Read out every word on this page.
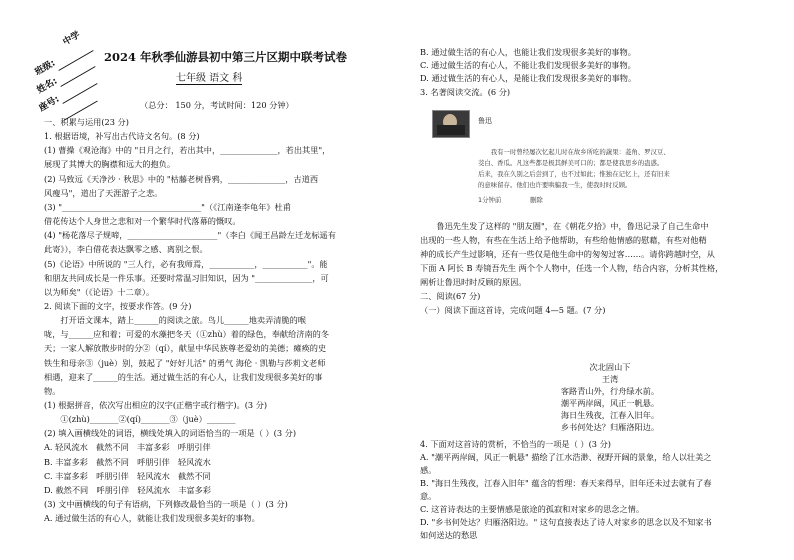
中学
班级:
姓名:
座号:
2024 年秋季仙游县初中第三片区期中联考试卷
七年级 语文 科
（总分： 150 分，考试时间：120 分钟）
一、积累与运用(23 分)
1. 根据语境，补写出古代诗文名句。(8 分)
(1) 曹操《观沧海》中的 "日月之行，若出其中，______________，若出其里"，
展现了其博大的胸襟和远大的抱负。
(2) 马致远《天净沙 · 秋思》中的 "枯藤老树昏鸦，______________，古道西
风瘦马"，道出了天涯游子之悲。
(3) "__________________________________"（《江南逢李龟年》杜甫
借花传达个人身世之悲和对一个繁华时代落幕的慨叹。
(4) "杨花落尽子规啼，______________________"（李白《闻王昌龄左迁龙标遥有
此寄》），李白借花表达飘零之感、离别之恨。
(5)《论语》中所说的 "三人行，必有我师焉，___________，___________"。能
和朋友共同成长是一件乐事。还要时常温习旧知识，因为 "______________，可
以为师矣"（《论语》十二章）。
2. 阅读下面的文字，按要求作答。(9 分)
　　打开语文课本，踏上______的阅读之旅。鸟儿______地卖弄清脆的喉
咙，与______应和着；可爱的水藻把冬天（①zhù）着的绿色，奉献给济南的冬
天；一家人解放散步时的分②（qí），献显中华民族尊老爱幼的美德；瘫痪的史
铁生和母亲③（juè）别，鼓起了 "好好儿活" 的勇气 海伦 · 凯勒与莎莉文老师
相遇，迎来了______的生活。通过做生活的有心人，让我们发现很多美好的事
物。
(1) 根据拼音，依次写出相应的汉字(正楷字或行楷字)。(3 分)
　　①(zhù)_______②(qí)_______③（juè）_______
(2) 填入画横线处的词语，横线处填入的词语恰当的一项是（ ）(3 分)
A. 轻风流水　截然不同　丰富多彩　呼朋引伴
B. 丰富多彩　截然不同　呼朋引伴　轻风流水
C. 丰富多彩　呼朋引伴　轻风流水　截然不同
D. 截然不同　呼朋引伴　轻风流水　丰富多彩
(3) 文中画横线的句子有语病，下列修改最恰当的一项是（ ）(3 分)
A. 通过做生活的有心人，就能让我们发现很多美好的事物。
B. 通过做生活的有心人，也能让我们发现很多美好的事物。
C. 通过做生活的有心人，不能让我们发现很多美好的事物。
D. 通过做生活的有心人，是能让我们发现很多美好的事物。
3. 名著阅读交流。(6 分)
　　鲁迅先生发了这样的 "朋友圈"，在《朝花夕拾》中，鲁迅记录了自己生命中
出现的一些人物，有些在生活上给予他帮助，有些给他情感的慰藉，有些对他精
神的成长产生过影响，还有一些仅是他生命中的匆匆过客……。请你跨越时空，从
下面 A 阿长 B 寿镜吾先生 两个个人物中，任选一个人物，结合内容，分析其性格，
阐析让鲁迅时时反顾的原因。
二、阅读(67 分)
（一）阅读下面这首诗，完成问题 4—5 题。(7 分)
4. 下面对这首诗的赏析，不恰当的一项是（ ）(3 分)
A. "潮平两岸阔，风正一帆悬" 描绘了江水浩渺、视野开阔的景象，给人以壮美之
感。
B. "海日生残夜，江春入旧年" 蕴含的哲理：春天来得早，旧年还未过去就有了春
意。
C. 这首诗表达的主要情感是旅途的孤寂和对家乡的思念之情。
D. "乡书何处达？归雁洛阳边。" 这句直接表达了诗人对家乡的思念以及不知家书
如何送达的愁思
鲁迅
　　我有一时曾经屡次忆起儿时在故乡所吃的蔬果：菱角、罗汉豆、
茭白、香瓜。凡这些都是极其鲜美可口的；都是使我思乡的蛊惑。
后来，我在久别之后尝到了，也不过如此；惟独在记忆上，还有旧来
的意味留存。他们也许要哄骗我一生，使我时时反顾。
1分钟前	删除
次北固山下
王湾
客路青山外，行舟绿水前。
潮平两岸阔，风正一帆悬。
海日生残夜，江春入旧年。
乡书何处达？归雁洛阳边。
